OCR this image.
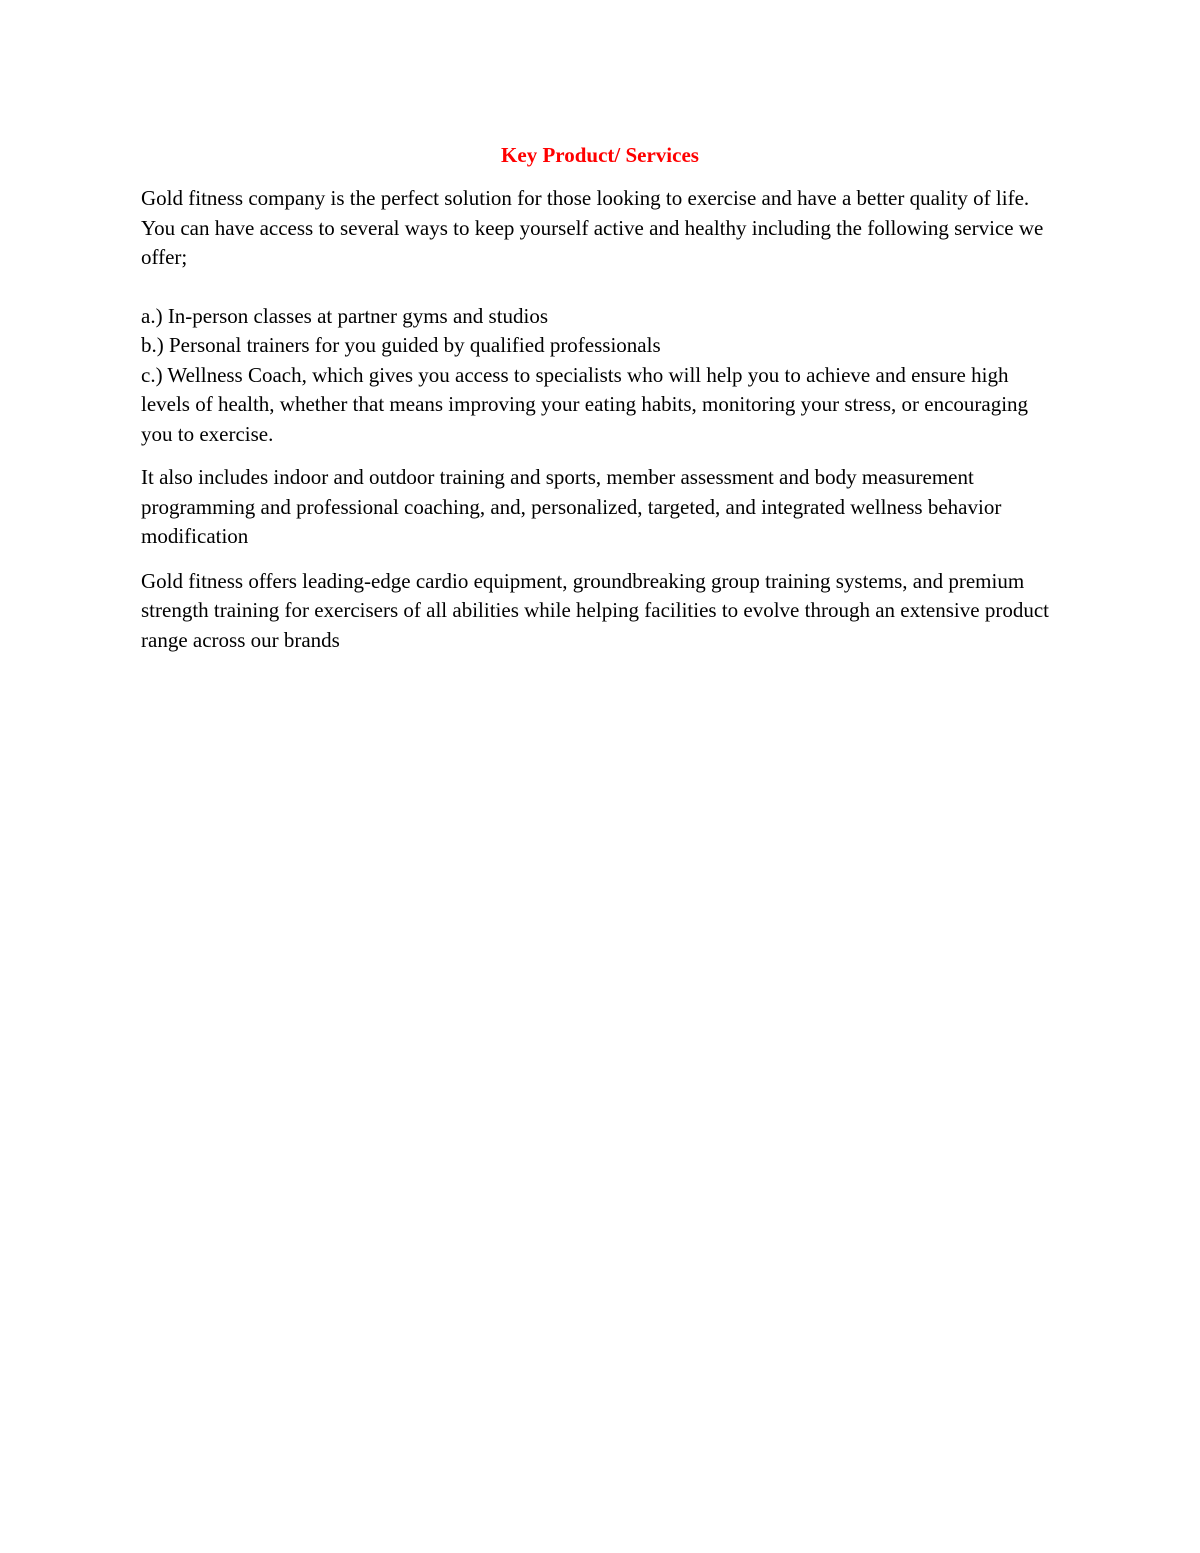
Key Product/ Services

Gold fitness company is the perfect solution for those looking to exercise and have a better quality of life. You can have access to several ways to keep yourself active and healthy including the following service we offer;

a.) In-person classes at partner gyms and studios

b.) Personal trainers for you guided by qualified professionals

c.) Wellness Coach, which gives you access to specialists who will help you to achieve and ensure high levels of health, whether that means improving your eating habits, monitoring your stress, or encouraging you to exercise.

It also includes indoor and outdoor training and sports, member assessment and body measurement programming and professional coaching, and, personalized, targeted, and integrated wellness behavior modification

Gold fitness offers leading-edge cardio equipment, groundbreaking group training systems, and premium strength training for exercisers of all abilities while helping facilities to evolve through an extensive product range across our brands
